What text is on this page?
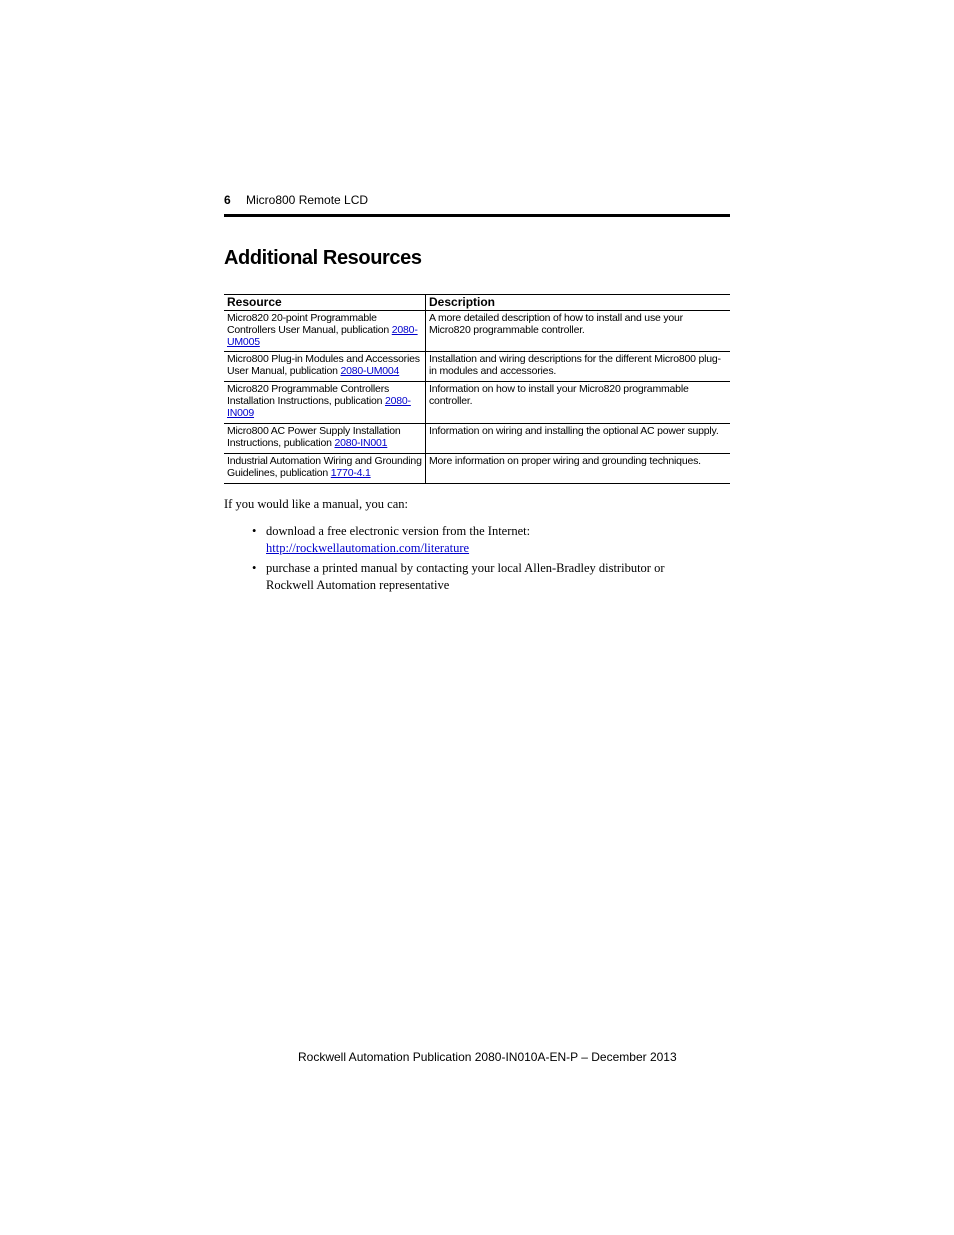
6 Micro800 Remote LCD
Additional Resources
Resource	Description
Micro820 20-point Programmable Controllers User Manual, publication 2080-UM005	A more detailed description of how to install and use your Micro820 programmable controller.
Micro800 Plug-in Modules and Accessories User Manual, publication 2080-UM004	Installation and wiring descriptions for the different Micro800 plug-in modules and accessories.
Micro820 Programmable Controllers Installation Instructions, publication 2080-IN009	Information on how to install your Micro820 programmable controller.
Micro800 AC Power Supply Installation Instructions, publication 2080-IN001	Information on wiring and installing the optional AC power supply.
Industrial Automation Wiring and Grounding Guidelines, publication 1770-4.1	More information on proper wiring and grounding techniques.
If you would like a manual, you can:
• download a free electronic version from the Internet:
http://rockwellautomation.com/literature
• purchase a printed manual by contacting your local Allen-Bradley distributor or Rockwell Automation representative
Rockwell Automation Publication 2080-IN010A-EN-P – December 2013
